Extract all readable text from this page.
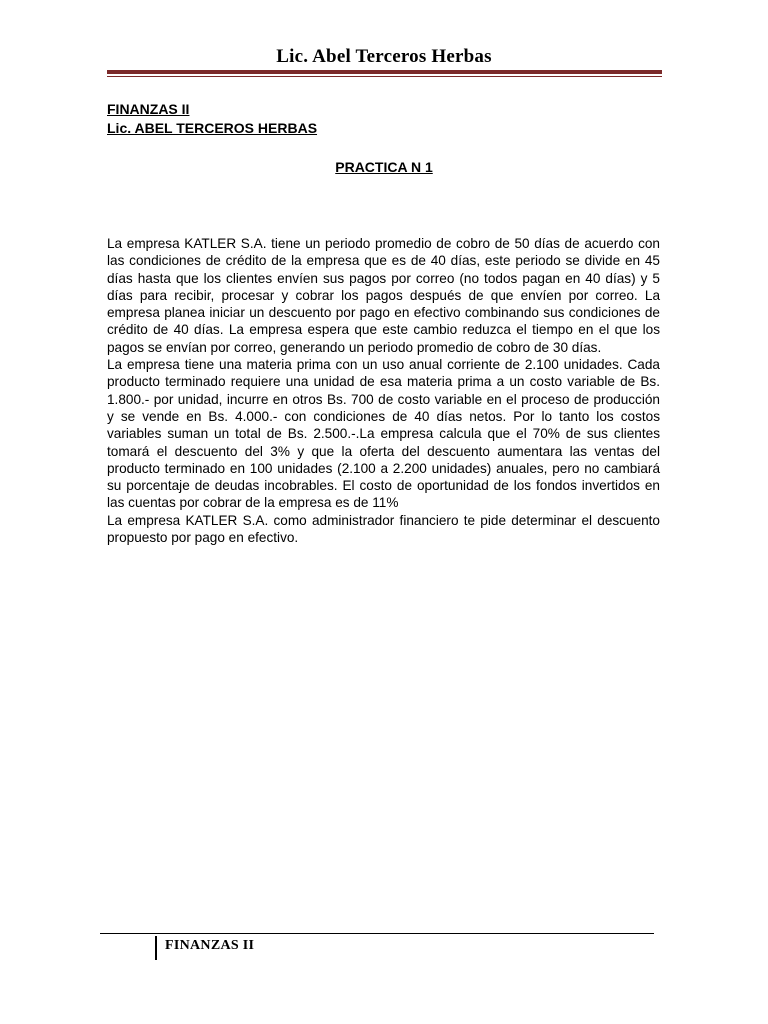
Lic. Abel Terceros Herbas
FINANZAS II
Lic. ABEL TERCEROS HERBAS
PRACTICA N 1

La empresa KATLER S.A. tiene un periodo promedio de cobro de 50 días de acuerdo con las condiciones de crédito de la empresa que es de 40 días, este periodo se divide en 45 días hasta que los clientes envíen sus pagos por correo (no todos pagan en 40 días) y 5 días para recibir, procesar y cobrar los pagos después de que envíen por correo. La empresa planea iniciar un descuento por pago en efectivo combinando sus condiciones de crédito de 40 días. La empresa espera que este cambio reduzca el tiempo en el que los pagos se envían por correo, generando un periodo promedio de cobro de 30 días.

La empresa tiene una materia prima con un uso anual corriente de 2.100 unidades. Cada producto terminado requiere una unidad de esa materia prima a un costo variable de Bs. 1.800.- por unidad, incurre en otros Bs. 700 de costo variable en el proceso de producción y se vende en Bs. 4.000.- con condiciones de 40 días netos. Por lo tanto los costos variables suman un total de Bs. 2.500.-.La empresa calcula que el 70% de sus clientes tomará el descuento del 3% y que la oferta del descuento aumentara las ventas del producto terminado en 100 unidades (2.100 a 2.200 unidades) anuales, pero no cambiará su porcentaje de deudas incobrables. El costo de oportunidad de los fondos invertidos en las cuentas por cobrar de la empresa es de 11%

La empresa KATLER S.A. como administrador financiero te pide determinar el descuento propuesto por pago en efectivo.

FINANZAS II
